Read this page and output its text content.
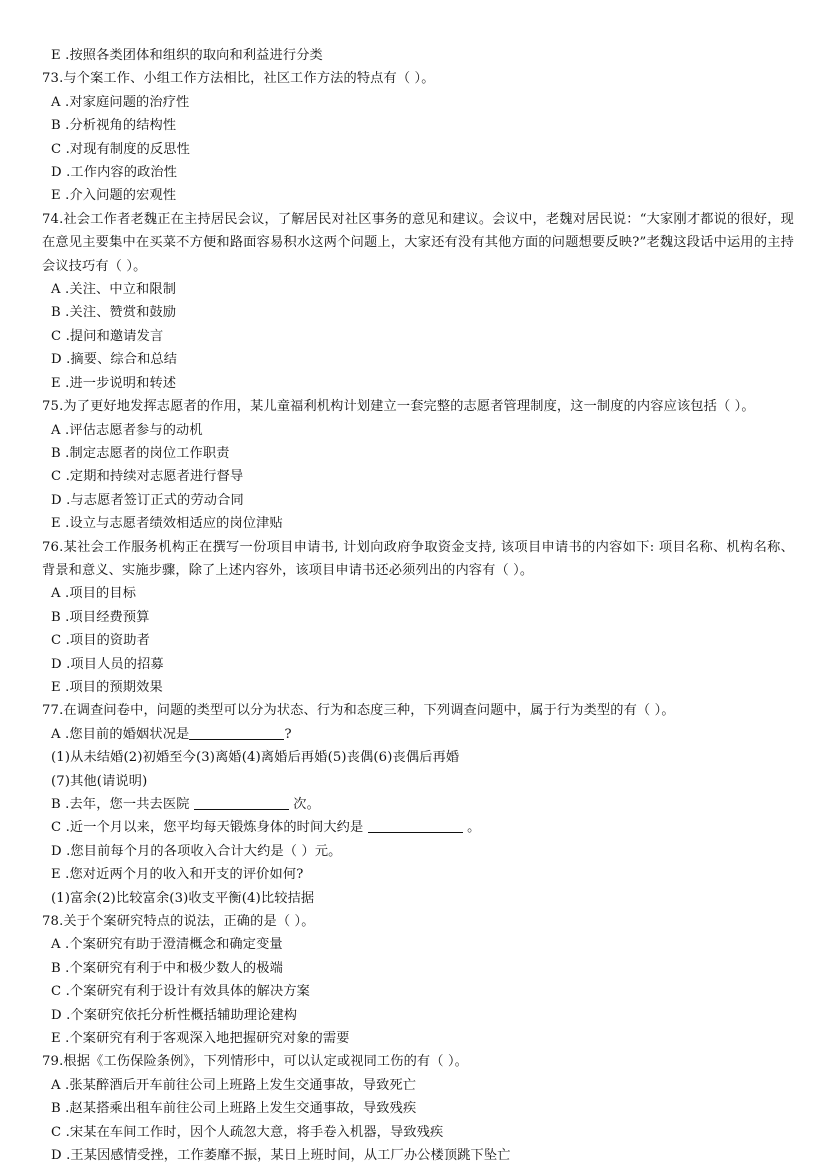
E .按照各类团体和组织的取向和利益进行分类

73.与个案工作、小组工作方法相比，社区工作方法的特点有（ ）。

A .对家庭问题的治疗性

B .分析视角的结构性

C .对现有制度的反思性

D .工作内容的政治性

E .介入问题的宏观性

74.社会工作者老魏正在主持居民会议，了解居民对社区事务的意见和建议。会议中，老魏对居民说：“大家刚才都说的很好，现在意见主要集中在买菜不方便和路面容易积水这两个问题上，大家还有没有其他方面的问题想要反映?”老魏这段话中运用的主持会议技巧有（ ）。

A .关注、中立和限制

B .关注、赞赏和鼓励

C .提问和邀请发言

D .摘要、综合和总结

E .进一步说明和转述

75.为了更好地发挥志愿者的作用，某儿童福利机构计划建立一套完整的志愿者管理制度，这一制度的内容应该包括（ ）。

A .评估志愿者参与的动机

B .制定志愿者的岗位工作职责

C .定期和持续对志愿者进行督导

D .与志愿者签订正式的劳动合同

E .设立与志愿者绩效相适应的岗位津贴

76.某社会工作服务机构正在撰写一份项目申请书, 计划向政府争取资金支持, 该项目申请书的内容如下: 项目名称、机构名称、背景和意义、实施步骤，除了上述内容外，该项目申请书还必须列出的内容有（ ）。

A .项目的目标

B .项目经费预算

C .项目的资助者

D .项目人员的招募

E .项目的预期效果

77.在调查问卷中，问题的类型可以分为状态、行为和态度三种，下列调查问题中，属于行为类型的有（ ）。

A .您目前的婚姻状况是	?

(1)从未结婚(2)初婚至今(3)离婚(4)离婚后再婚(5)丧偶(6)丧偶后再婚

(7)其他(请说明)

B .去年，您一共去医院	次。

C .近一个月以来，您平均每天锻炼身体的时间大约是	。

D .您目前每个月的各项收入合计大约是（ ）元。

E .您对近两个月的收入和开支的评价如何?

(1)富余(2)比较富余(3)收支平衡(4)比较拮据

78.关于个案研究特点的说法，正确的是（ ）。

A .个案研究有助于澄清概念和确定变量

B .个案研究有利于中和极少数人的极端

C .个案研究有利于设计有效具体的解决方案

D .个案研究依托分析性概括辅助理论建构

E .个案研究有利于客观深入地把握研究对象的需要

79.根据《工伤保险条例》，下列情形中，可以认定或视同工伤的有（ ）。

A .张某醉酒后开车前往公司上班路上发生交通事故，导致死亡

B .赵某搭乘出租车前往公司上班路上发生交通事故，导致残疾

C .宋某在车间工作时，因个人疏忽大意，将手卷入机器，导致残疾

D .王某因感情受挫，工作萎靡不振，某日上班时间，从工厂办公楼顶跳下坠亡
